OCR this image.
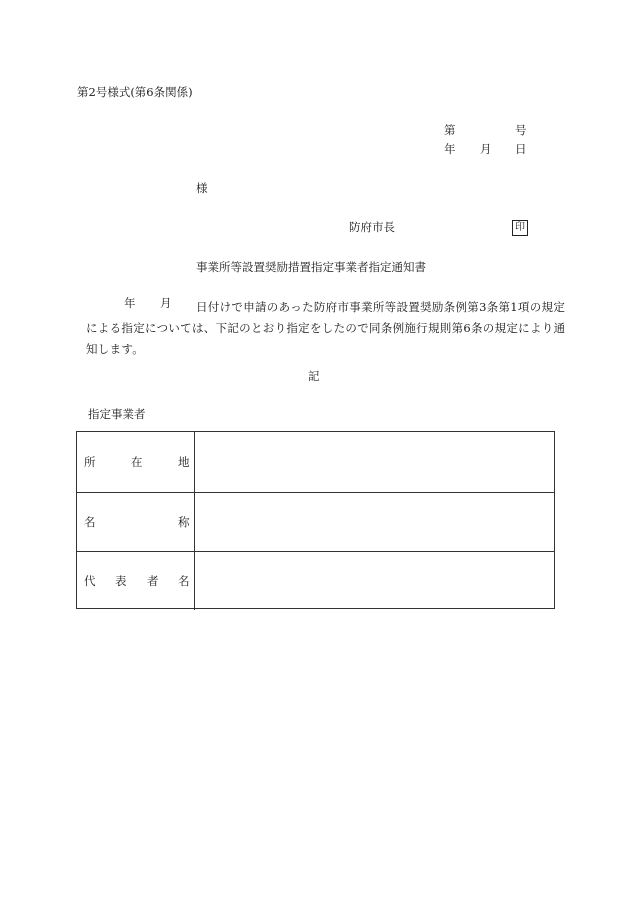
第2号様式(第6条関係)
第	号
年 月 日
様
防府市長	印
事業所等設置奨励措置指定事業者指定通知書
年 月	日付けで申請のあった防府市事業所等設置奨励条例第3条第1項の規定による指定については、下記のとおり指定をしたので同条例施行規則第6条の規定により通知します。
記
指定事業者
所	在	地
名	称
代 表 者 名
